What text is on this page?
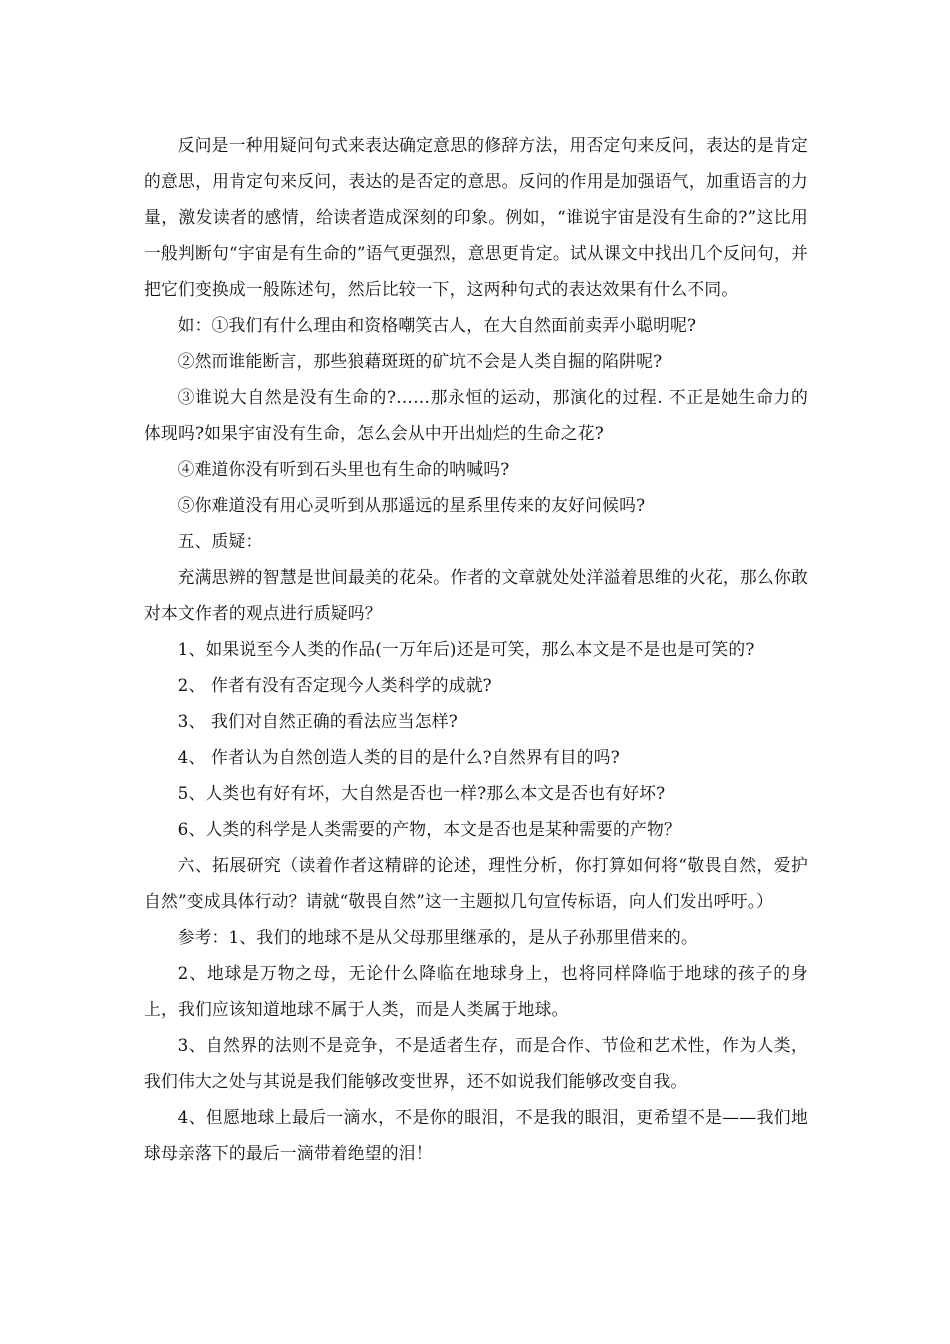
反问是一种用疑问句式来表达确定意思的修辞方法，用否定句来反问，表达的是肯定的意思，用肯定句来反问，表达的是否定的意思。反问的作用是加强语气，加重语言的力量，激发读者的感情，给读者造成深刻的印象。例如，“谁说宇宙是没有生命的?”这比用一般判断句“宇宙是有生命的”语气更强烈，意思更肯定。试从课文中找出几个反问句，并把它们变换成一般陈述句，然后比较一下，这两种句式的表达效果有什么不同。

如：①我们有什么理由和资格嘲笑古人，在大自然面前卖弄小聪明呢?

②然而谁能断言，那些狼藉斑斑的矿坑不会是人类自掘的陷阱呢?

③谁说大自然是没有生命的?……那永恒的运动，那演化的过程. 不正是她生命力的体现吗?如果宇宙没有生命，怎么会从中开出灿烂的生命之花?

④难道你没有听到石头里也有生命的呐喊吗?

⑤你难道没有用心灵听到从那遥远的星系里传来的友好问候吗?

五、质疑：

充满思辨的智慧是世间最美的花朵。作者的文章就处处洋溢着思维的火花，那么你敢对本文作者的观点进行质疑吗？

1、如果说至今人类的作品(一万年后)还是可笑，那么本文是不是也是可笑的?

2、 作者有没有否定现今人类科学的成就?

3、 我们对自然正确的看法应当怎样?

4、 作者认为自然创造人类的目的是什么?自然界有目的吗?

5、人类也有好有坏，大自然是否也一样?那么本文是否也有好坏?

6、人类的科学是人类需要的产物，本文是否也是某种需要的产物？

六、拓展研究（读着作者这精辟的论述，理性分析，你打算如何将“敬畏自然，爱护自然”变成具体行动？请就“敬畏自然”这一主题拟几句宣传标语，向人们发出呼吁。）

参考：1、我们的地球不是从父母那里继承的，是从子孙那里借来的。

2、地球是万物之母，无论什么降临在地球身上，也将同样降临于地球的孩子的身上，我们应该知道地球不属于人类，而是人类属于地球。

3、自然界的法则不是竞争，不是适者生存，而是合作、节俭和艺术性，作为人类，我们伟大之处与其说是我们能够改变世界，还不如说我们能够改变自我。

4、但愿地球上最后一滴水，不是你的眼泪，不是我的眼泪，更希望不是——我们地球母亲落下的最后一滴带着绝望的泪！
